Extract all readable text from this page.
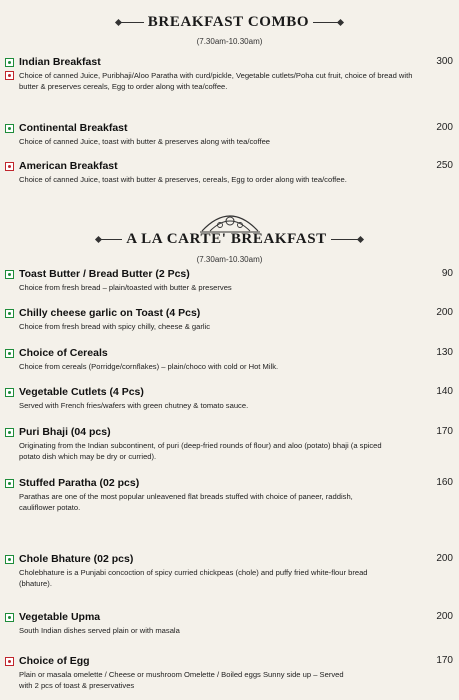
BREAKFAST COMBO
(7.30am-10.30am)
Indian Breakfast	300
Choice of canned Juice, Puribhaji/Aloo Paratha with curd/pickle, Vegetable cutlets/Poha cut fruit, choice of bread with butter & preserves cereals, Egg to order along with tea/coffee.
Continental Breakfast	200
Choice of canned Juice, toast with butter & preserves along with tea/coffee
American Breakfast	250
Choice of canned Juice, toast with butter & preserves, cereals, Egg to order along with tea/coffee.
A LA CARTE' BREAKFAST
(7.30am-10.30am)
Toast Butter / Bread Butter (2 Pcs)	90
Choice from fresh bread – plain/toasted with butter & preserves
Chilly cheese garlic on Toast (4 Pcs)	200
Choice from fresh bread with spicy chilly, cheese & garlic
Choice of Cereals	130
Choice from cereals (Porridge/cornflakes) – plain/choco with cold or Hot Milk.
Vegetable Cutlets (4 Pcs)	140
Served with French fries/wafers with green chutney & tomato sauce.
Puri Bhaji (04 pcs)	170
Originating from the Indian subcontinent, of puri (deep-fried rounds of flour) and aloo (potato) bhaji (a spiced potato dish which may be dry or curried).
Stuffed Paratha (02 pcs)	160
Parathas are one of the most popular unleavened flat breads stuffed with choice of paneer, raddish, cauliflower potato.
Chole Bhature (02 pcs)	200
Cholebhature is a Punjabi concoction of spicy curried chickpeas (chole) and puffy fried white-flour bread (bhature).
Vegetable Upma	200
South Indian dishes served plain or with masala
Choice of Egg	170
Plain or masala omelette / Cheese or mushroom Omelette / Boiled eggs Sunny side up – Served with 2 pcs of toast & preservatives
